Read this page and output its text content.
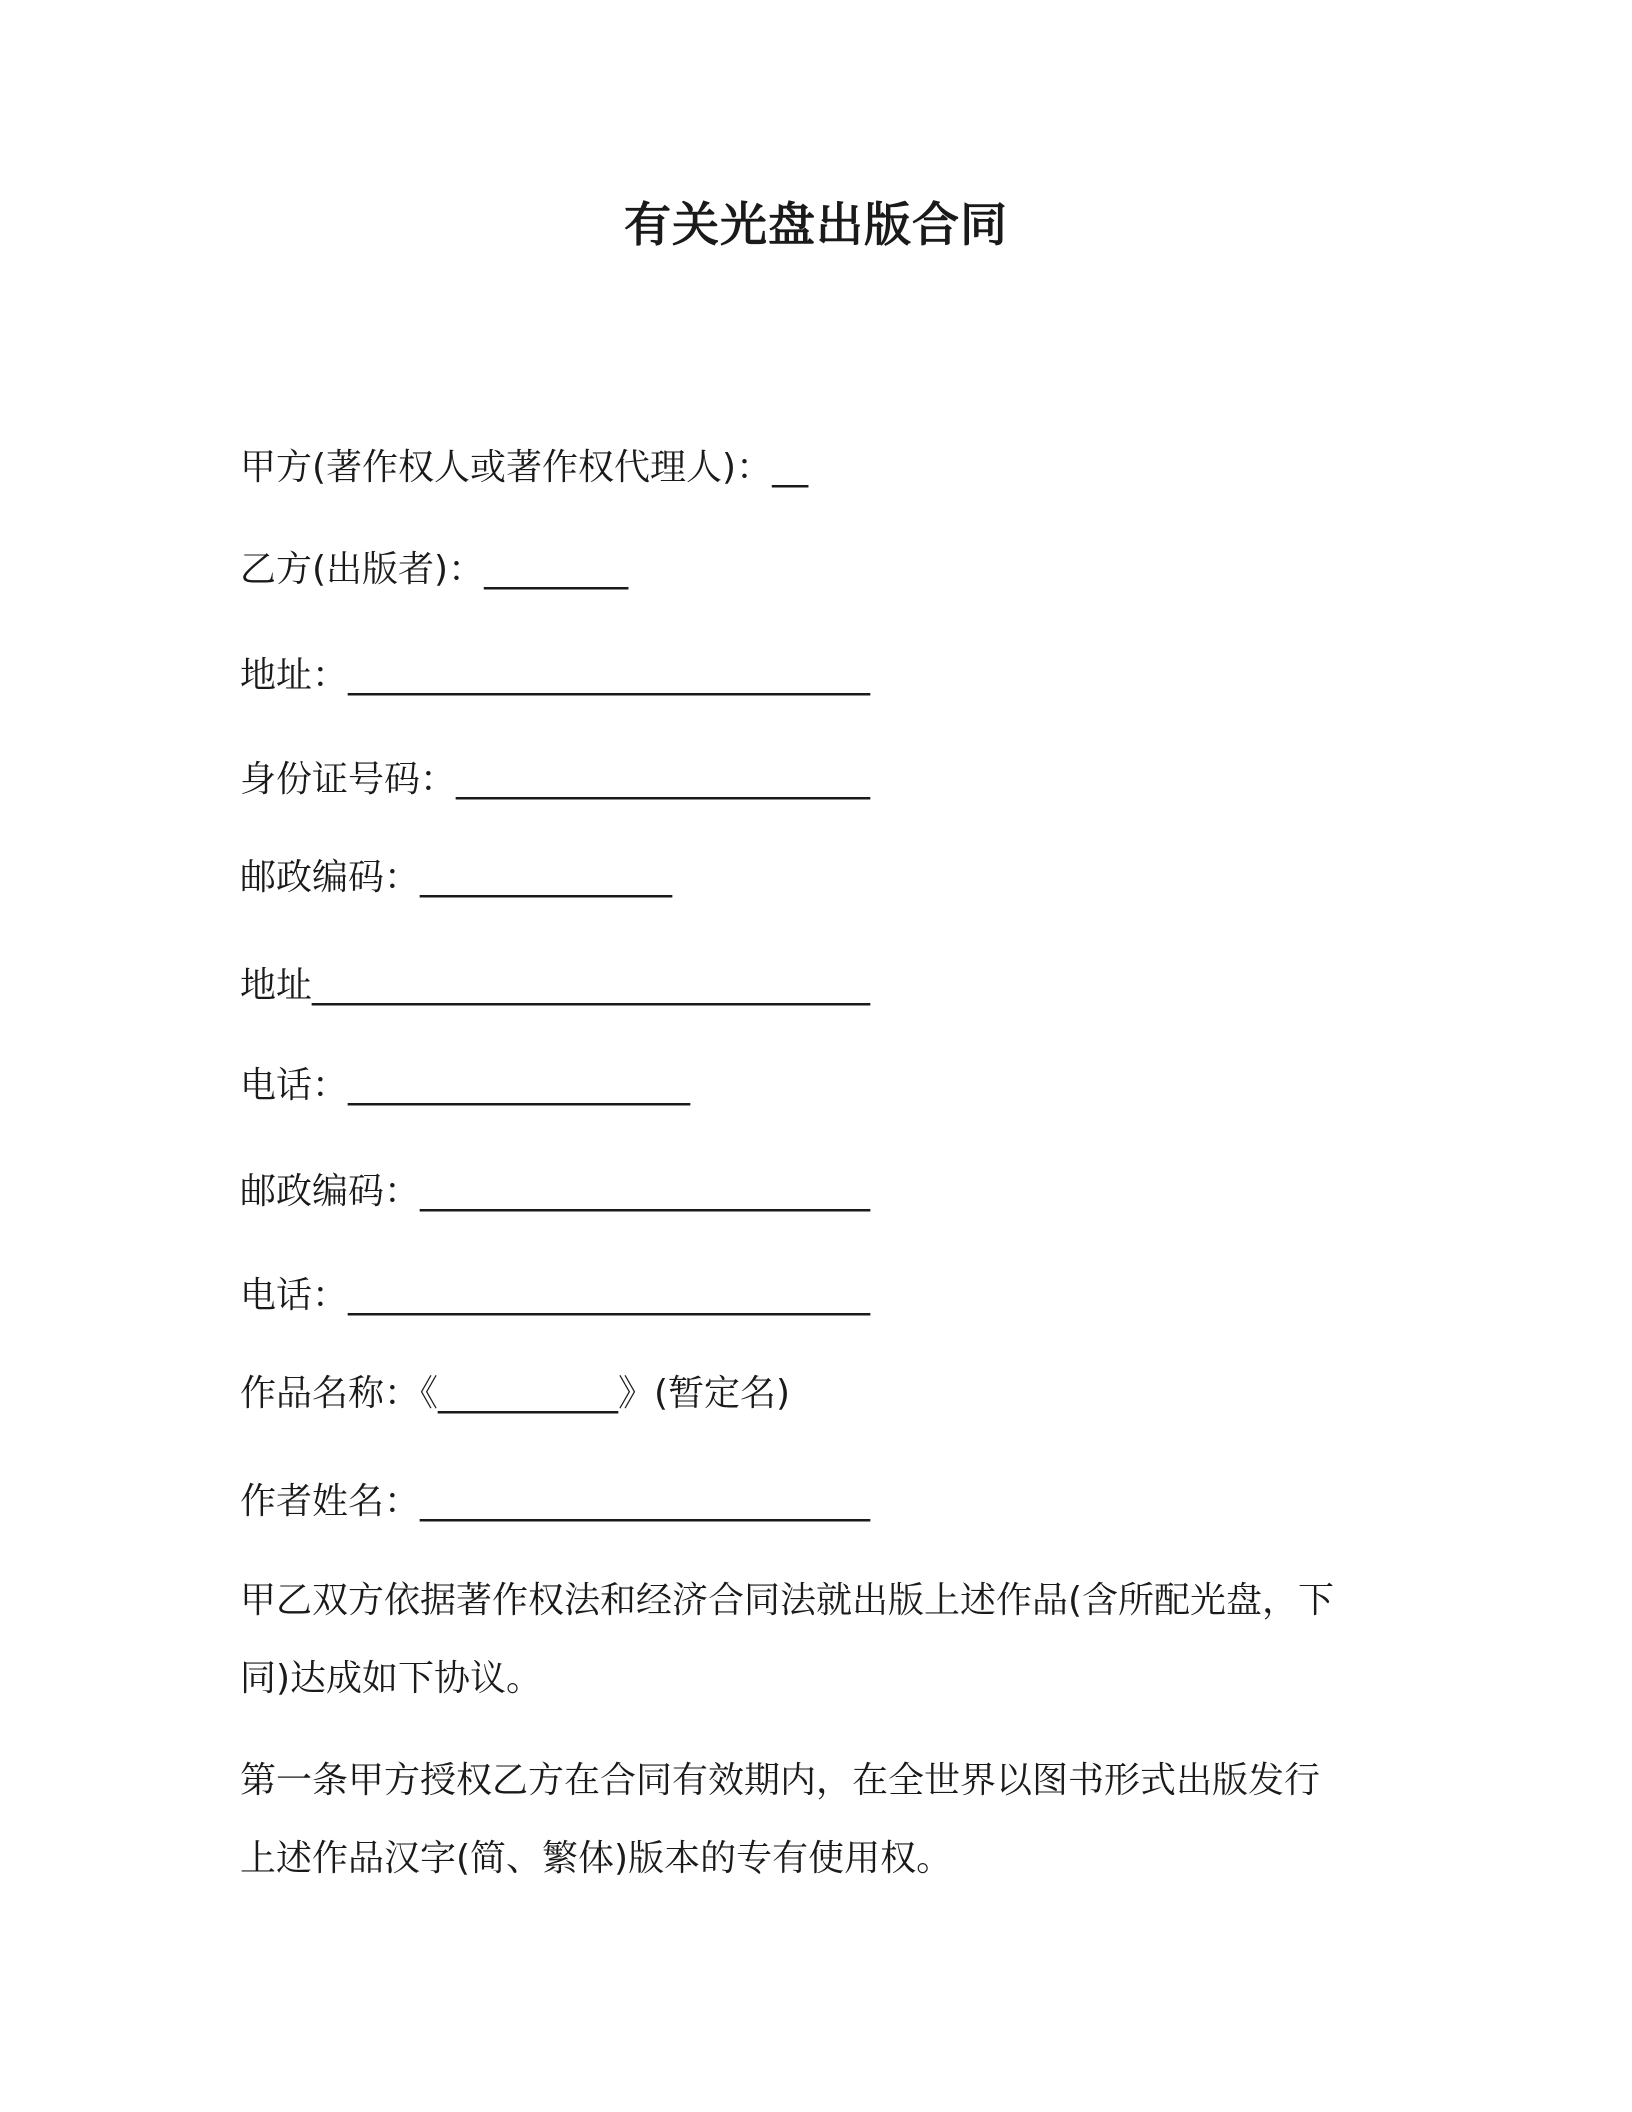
有关光盘出版合同

甲方(著作权人或著作权代理人)：__

乙方(出版者)：________

地址：_____________________________

身份证号码：_______________________

邮政编码：______________

地址_______________________________

电话：___________________

邮政编码：_________________________

电话：_____________________________

作品名称：《__________》(暂定名)

作者姓名：_________________________

甲乙双方依据著作权法和经济合同法就出版上述作品(含所配光盘，下
同)达成如下协议。
第一条甲方授权乙方在合同有效期内，在全世界以图书形式出版发行
上述作品汉字(简、繁体)版本的专有使用权。
